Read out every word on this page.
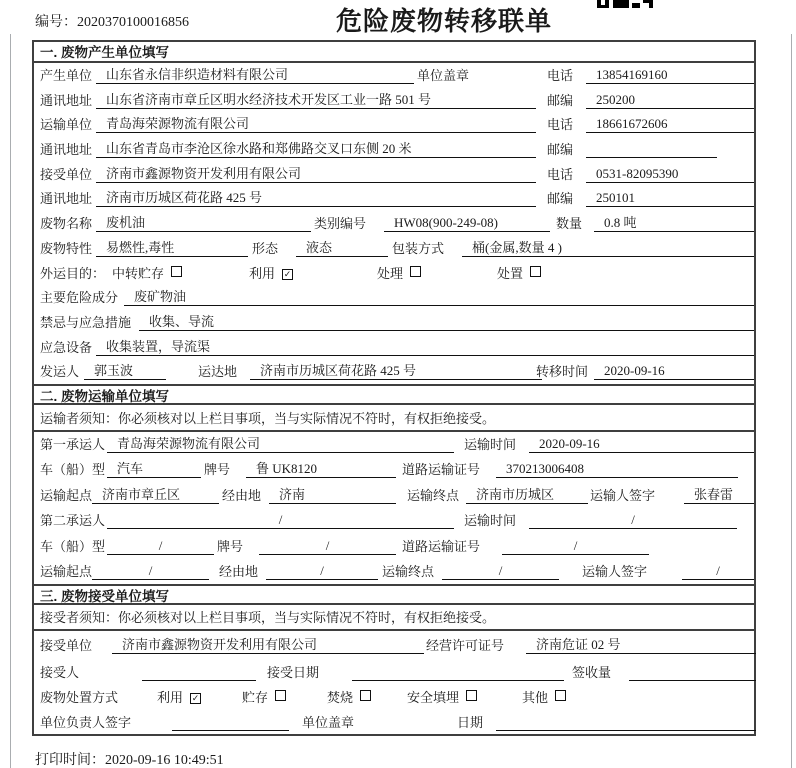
编号：2020370100016856	危险废物转移联单
一. 废物产生单位填写
产生单位	山东省永信非织造材料有限公司	单位盖章	电话	13854169160
通讯地址	山东省济南市章丘区明水经济技术开发区工业一路 501 号	邮编	250200
运输单位	青岛海荣源物流有限公司	电话	18661672606
通讯地址	山东省青岛市李沧区徐水路和郑佛路交叉口东侧 20 米	邮编
接受单位	济南市鑫源物资开发利用有限公司	电话	0531-82095390
通讯地址	济南市历城区荷花路 425 号	邮编	250101
废物名称	废机油	类别编号	HW08(900-249-08)	数量	0.8 吨
废物特性	易燃性,毒性	形态	液态	包装方式	桶(金属,数量 4 )
外运目的： 中转贮存	利用 ✓	处理	处置
主要危险成分	废矿物油
禁忌与应急措施	收集、导流
应急设备	收集装置，导流渠
发运人	郭玉波	运达地	济南市历城区荷花路 425 号	转移时间	2020-09-16
二. 废物运输单位填写
运输者须知：你必须核对以上栏目事项，当与实际情况不符时，有权拒绝接受。
第一承运人 青岛海荣源物流有限公司	运输时间	2020-09-16
车（船）型 汽车	牌号	鲁 UK8120	道路运输证号	370213006408
运输起点 济南市章丘区	经由地	济南	运输终点	济南市历城区	运输人签字	张春雷
第二承运人	/	运输时间	/
车（船）型	/	牌号	/	道路运输证号	/
运输起点	/	经由地	/	运输终点	/	运输人签字	/
三. 废物接受单位填写
接受者须知：你必须核对以上栏目事项，当与实际情况不符时，有权拒绝接受。
接受单位	济南市鑫源物资开发利用有限公司	经营许可证号	济南危证 02 号
接受人	接受日期	签收量
废物处置方式	利用 ✓	贮存	焚烧	安全填埋	其他
单位负责人签字	单位盖章	日期
打印时间：2020-09-16 10:49:51
